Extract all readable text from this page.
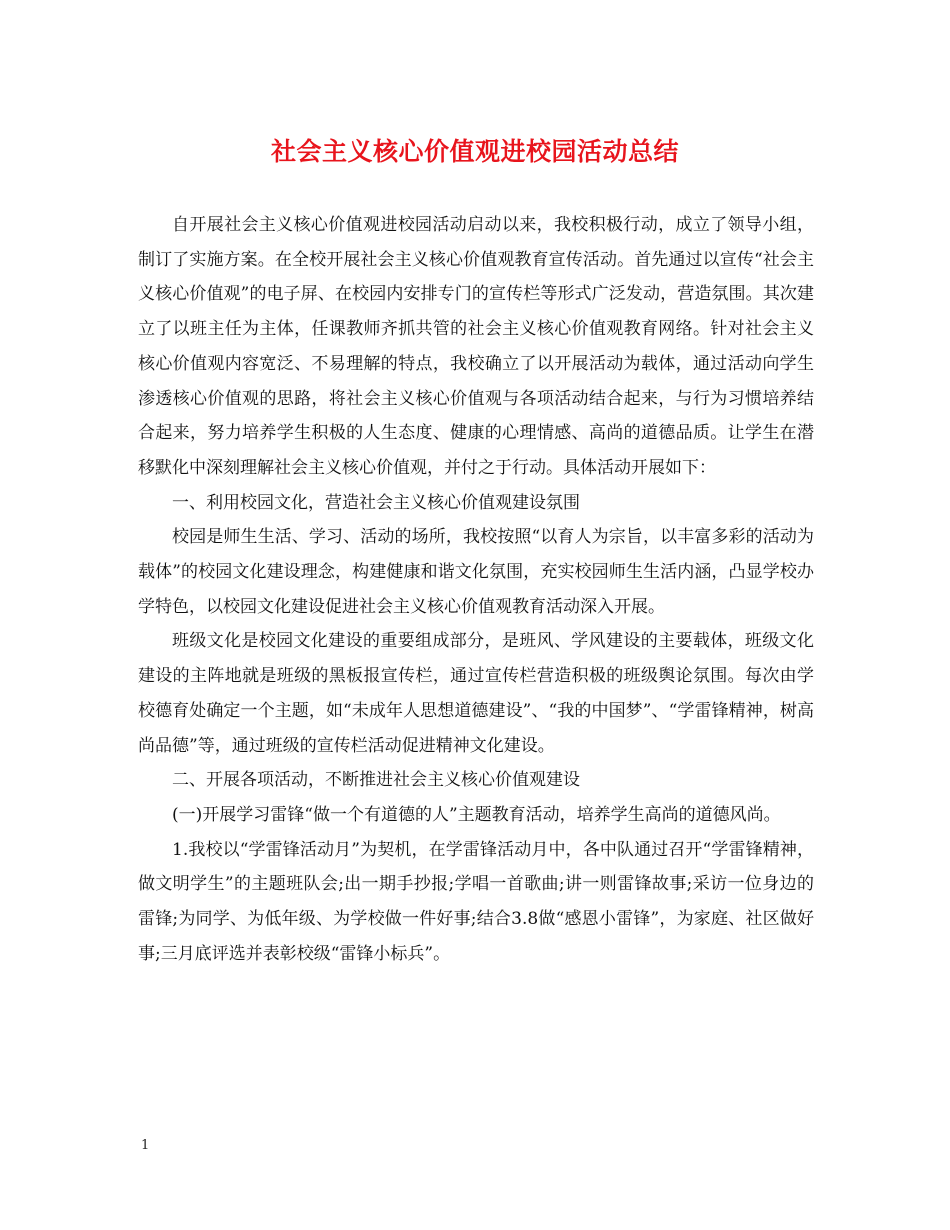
社会主义核心价值观进校园活动总结

自开展社会主义核心价值观进校园活动启动以来，我校积极行动，成立了领导小组，制订了实施方案。在全校开展社会主义核心价值观教育宣传活动。首先通过以宣传“社会主义核心价值观”的电子屏、在校园内安排专门的宣传栏等形式广泛发动，营造氛围。其次建立了以班主任为主体，任课教师齐抓共管的社会主义核心价值观教育网络。针对社会主义核心价值观内容宽泛、不易理解的特点，我校确立了以开展活动为载体，通过活动向学生渗透核心价值观的思路，将社会主义核心价值观与各项活动结合起来，与行为习惯培养结合起来，努力培养学生积极的人生态度、健康的心理情感、高尚的道德品质。让学生在潜移默化中深刻理解社会主义核心价值观，并付之于行动。具体活动开展如下：

一、利用校园文化，营造社会主义核心价值观建设氛围

校园是师生生活、学习、活动的场所，我校按照“以育人为宗旨，以丰富多彩的活动为载体”的校园文化建设理念，构建健康和谐文化氛围，充实校园师生生活内涵，凸显学校办学特色，以校园文化建设促进社会主义核心价值观教育活动深入开展。

班级文化是校园文化建设的重要组成部分，是班风、学风建设的主要载体，班级文化建设的主阵地就是班级的黑板报宣传栏，通过宣传栏营造积极的班级舆论氛围。每次由学校德育处确定一个主题，如“未成年人思想道德建设”、“我的中国梦”、“学雷锋精神，树高尚品德”等，通过班级的宣传栏活动促进精神文化建设。

二、开展各项活动，不断推进社会主义核心价值观建设

(一)开展学习雷锋“做一个有道德的人”主题教育活动，培养学生高尚的道德风尚。

1.我校以“学雷锋活动月”为契机，在学雷锋活动月中，各中队通过召开“学雷锋精神，做文明学生”的主题班队会;出一期手抄报;学唱一首歌曲;讲一则雷锋故事;采访一位身边的雷锋;为同学、为低年级、为学校做一件好事;结合3.8做“感恩小雷锋”，为家庭、社区做好事;三月底评选并表彰校级“雷锋小标兵”。

1
